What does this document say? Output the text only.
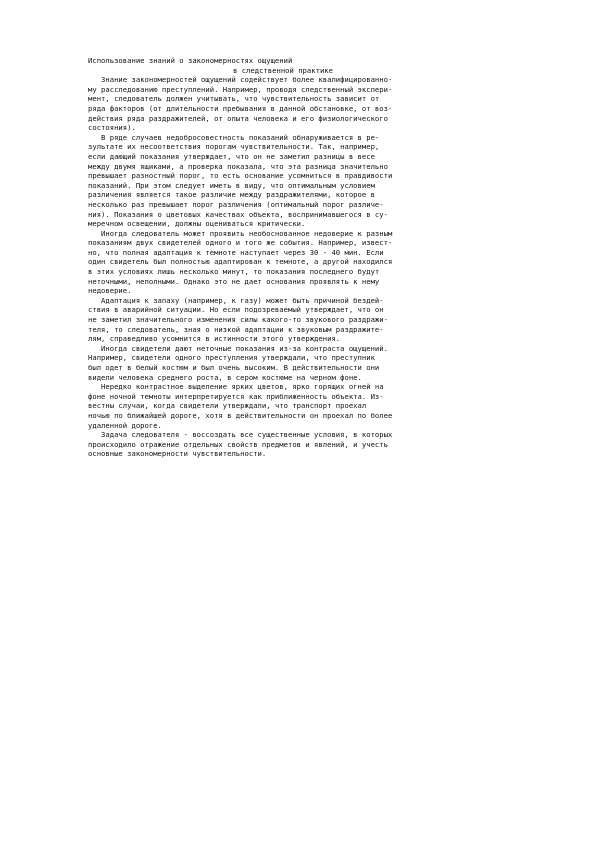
Использование знаний о закономерностях ощущений
в следственной практике
Знание закономерностей ощущений содействует более квалифицированно-
му расследованию преступлений. Например, проводя следственный экспери-
мент, следователь должен учитывать, что чувствительность зависит от
ряда факторов (от длительности пребывания в данной обстановке, от воз-
действия ряда раздражителей, от опыта человека и его физиологического
состояния).
В ряде случаев недобросовестность показаний обнаруживается в ре-
зультате их несоответствия порогам чувствительности. Так, например,
если дающий показания утверждает, что он не заметил разницы в весе
между двумя ящиками, а проверка показала, что эта разница значительно
превышает разностный порог, то есть основание усомниться в правдивости
показаний. При этом следует иметь в виду, что оптимальным условием
различения является такое различие между раздражителями, которое в
несколько раз превышает порог различения (оптимальный порог различе-
ния). Показания о цветовых качествах объекта, воспринимавшегося в су-
меречном освещении, должны оцениваться критически.
Иногда следователь может проявить необоснованное недоверие к разным
показаниям двух свидетелей одного и того же события. Например, извест-
но, что полная адаптация к темноте наступает через 30 - 40 мин. Если
один свидетель был полностью адаптирован к темноте, а другой находился
в этих условиях лишь несколько минут, то показания последнего будут
неточными, неполными. Однако это не дает основания проявлять к нему
недоверие.
Адаптация к запаху (например, к газу) может быть причиной бездей-
ствия в аварийной ситуации. Но если подозреваемый утверждает, что он
не заметил значительного изменения силы какого-то звукового раздражи-
теля, то следователь, зная о низкой адаптации к звуковым раздражите-
лям, справедливо усомнится в истинности этого утверждения.
Иногда свидетели дают неточные показания из-за контраста ощущений.
Например, свидетели одного преступления утверждали, что преступник
был одет в белый костюм и был очень высоким. В действительности они
видели человека среднего роста, в сером костюме на черном фоне.
Нередко контрастное выделение ярких цветов, ярко горящих огней на
фоне ночной темноты интерпретируется как приближенность объекта. Из-
вестны случаи, когда свидетели утверждали, что транспорт проехал
ночью по ближайшей дороге, хотя в действительности он проехал по более
удаленной дороге.
Задача следователя - воссоздать все существенные условия, в которых
происходило отражение отдельных свойств предметов и явлений, и учесть
основные закономерности чувствительности.
